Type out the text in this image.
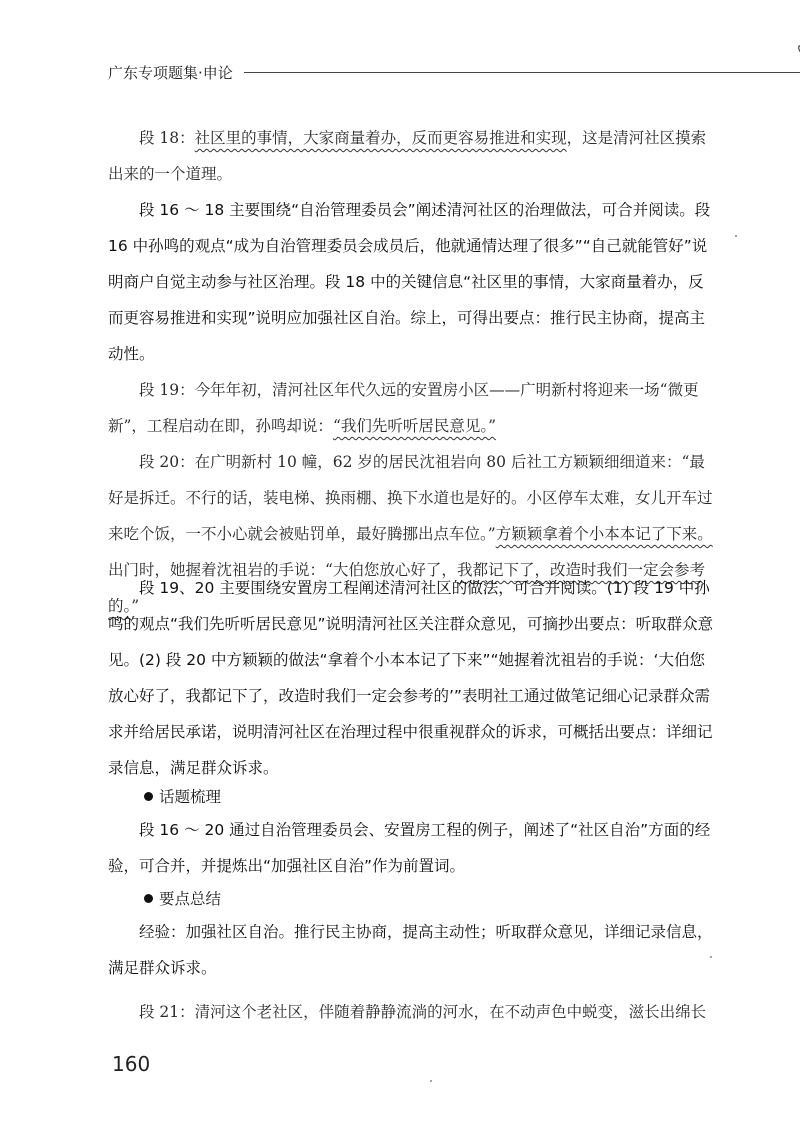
广东专项题集·申论

段 18：社区里的事情，大家商量着办，反而更容易推进和实现，这是清河社区摸索出来的一个道理。

段 16 ～ 18 主要围绕“自治管理委员会”阐述清河社区的治理做法，可合并阅读。段 16 中孙鸣的观点“成为自治管理委员会成员后，他就通情达理了很多”“自己就能管好”说明商户自觉主动参与社区治理。段 18 中的关键信息“社区里的事情，大家商量着办，反而更容易推进和实现”说明应加强社区自治。综上，可得出要点：推行民主协商，提高主动性。

段 19：今年年初，清河社区年代久远的安置房小区——广明新村将迎来一场“微更新”，工程启动在即，孙鸣却说：“我们先听听居民意见。”

段 20：在广明新村 10 幢，62 岁的居民沈祖岩向 80 后社工方颖颖细细道来：“最好是拆迁。不行的话，装电梯、换雨棚、换下水道也是好的。小区停车太难，女儿开车过来吃个饭，一不小心就会被贴罚单，最好腾挪出点车位。”方颖颖拿着个小本本记了下来。出门时，她握着沈祖岩的手说：“大伯您放心好了，我都记下了，改造时我们一定会参考的。”

段 19、20 主要围绕安置房工程阐述清河社区的做法，可合并阅读。(1) 段 19 中孙鸣的观点“我们先听听居民意见”说明清河社区关注群众意见，可摘抄出要点：听取群众意见。(2) 段 20 中方颖颖的做法“拿着个小本本记了下来”“她握着沈祖岩的手说：‘大伯您放心好了，我都记下了，改造时我们一定会参考的’”表明社工通过做笔记细心记录群众需求并给居民承诺，说明清河社区在治理过程中很重视群众的诉求，可概括出要点：详细记录信息，满足群众诉求。

话题梳理

段 16 ～ 20 通过自治管理委员会、安置房工程的例子，阐述了“社区自治”方面的经验，可合并，并提炼出“加强社区自治”作为前置词。

要点总结

经验：加强社区自治。推行民主协商，提高主动性；听取群众意见，详细记录信息，满足群众诉求。

段 21：清河这个老社区，伴随着静静流淌的河水，在不动声色中蜕变，滋长出绵长

160
